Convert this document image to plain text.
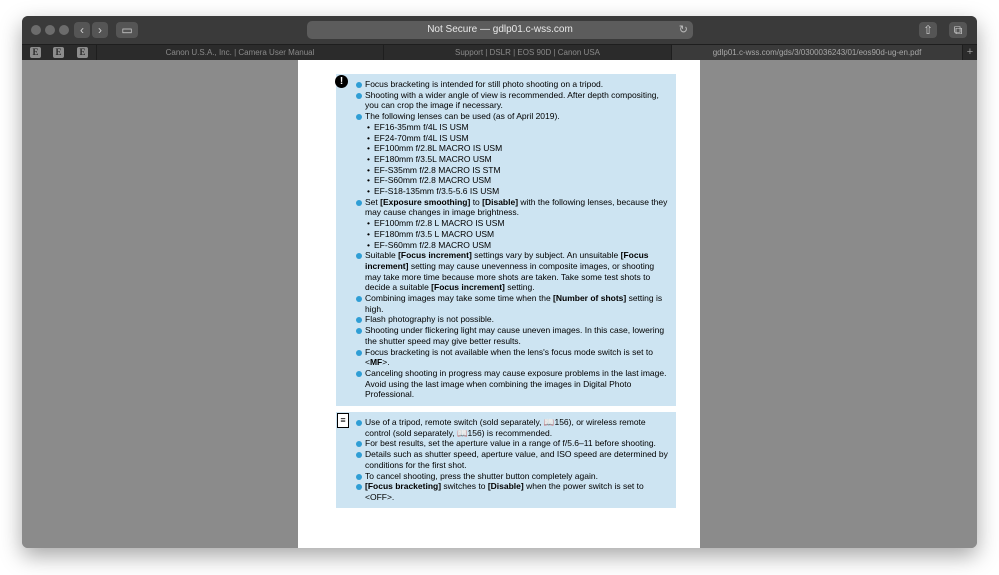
‹	›	▭	Not Secure — gdlp01.c-wss.com	↻	⇧	⧉
E E E	Canon U.S.A., Inc. | Camera User Manual	Support | DSLR | EOS 90D | Canon USA	gdlp01.c-wss.com/gds/3/0300036243/01/eos90d-ug-en.pdf	+
!	Focus bracketing is intended for still photo shooting on a tripod.
Shooting with a wider angle of view is recommended. After depth compositing, you can crop the image if necessary.
The following lenses can be used (as of April 2019).
• EF16-35mm f/4L IS USM
• EF24-70mm f/4L IS USM
• EF100mm f/2.8L MACRO IS USM
• EF180mm f/3.5L MACRO USM
• EF-S35mm f/2.8 MACRO IS STM
• EF-S60mm f/2.8 MACRO USM
• EF-S18-135mm f/3.5-5.6 IS USM
Set [Exposure smoothing] to [Disable] with the following lenses, because they may cause changes in image brightness.
• EF100mm f/2.8 L MACRO IS USM
• EF180mm f/3.5 L MACRO USM
• EF-S60mm f/2.8 MACRO USM
Suitable [Focus increment] settings vary by subject. An unsuitable [Focus increment] setting may cause unevenness in composite images, or shooting may take more time because more shots are taken. Take some test shots to decide a suitable [Focus increment] setting.
Combining images may take some time when the [Number of shots] setting is high.
Flash photography is not possible.
Shooting under flickering light may cause uneven images. In this case, lowering the shutter speed may give better results.
Focus bracketing is not available when the lens's focus mode switch is set to <MF>.
Canceling shooting in progress may cause exposure problems in the last image. Avoid using the last image when combining the images in Digital Photo Professional.
≡	Use of a tripod, remote switch (sold separately, 📖156), or wireless remote control (sold separately, 📖156) is recommended.
For best results, set the aperture value in a range of f/5.6–11 before shooting.
Details such as shutter speed, aperture value, and ISO speed are determined by conditions for the first shot.
To cancel shooting, press the shutter button completely again.
[Focus bracketing] switches to [Disable] when the power switch is set to <OFF>.
